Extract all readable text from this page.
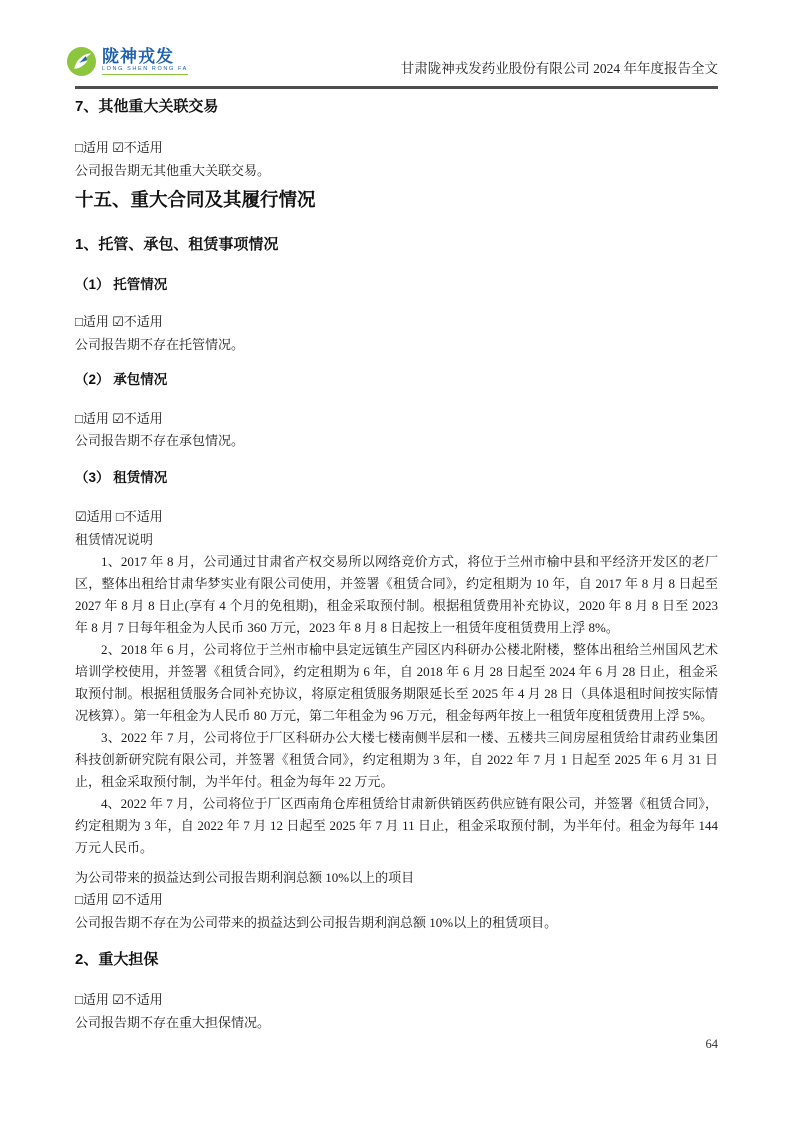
陇神戎发
LONG SHEN RONG FA	甘肃陇神戎发药业股份有限公司 2024 年年度报告全文
7、其他重大关联交易
□适用 ☑不适用
公司报告期无其他重大关联交易。
十五、重大合同及其履行情况
1、托管、承包、租赁事项情况
（1） 托管情况
□适用 ☑不适用
公司报告期不存在托管情况。
（2） 承包情况
□适用 ☑不适用
公司报告期不存在承包情况。
（3） 租赁情况
☑适用 □不适用
租赁情况说明
1、2017 年 8 月，公司通过甘肃省产权交易所以网络竞价方式，将位于兰州市榆中县和平经济开发区的老厂区，整体出租给甘肃华梦实业有限公司使用，并签署《租赁合同》，约定租期为 10 年，自 2017 年 8 月 8 日起至 2027 年 8 月 8 日止(享有 4 个月的免租期)，租金采取预付制。根据租赁费用补充协议，2020 年 8 月 8 日至 2023 年 8 月 7 日每年租金为人民币 360 万元，2023 年 8 月 8 日起按上一租赁年度租赁费用上浮 8%。
2、2018 年 6 月，公司将位于兰州市榆中县定远镇生产园区内科研办公楼北附楼，整体出租给兰州国风艺术培训学校使用，并签署《租赁合同》，约定租期为 6 年，自 2018 年 6 月 28 日起至 2024 年 6 月 28 日止，租金采取预付制。根据租赁服务合同补充协议，将原定租赁服务期限延长至 2025 年 4 月 28 日（具体退租时间按实际情况核算）。第一年租金为人民币 80 万元，第二年租金为 96 万元，租金每两年按上一租赁年度租赁费用上浮 5%。
3、2022 年 7 月，公司将位于厂区科研办公大楼七楼南侧半层和一楼、五楼共三间房屋租赁给甘肃药业集团科技创新研究院有限公司，并签署《租赁合同》，约定租期为 3 年，自 2022 年 7 月 1 日起至 2025 年 6 月 31 日止，租金采取预付制，为半年付。租金为每年 22 万元。
4、2022 年 7 月，公司将位于厂区西南角仓库租赁给甘肃新供销医药供应链有限公司，并签署《租赁合同》，约定租期为 3 年，自 2022 年 7 月 12 日起至 2025 年 7 月 11 日止，租金采取预付制，为半年付。租金为每年 144 万元人民币。
为公司带来的损益达到公司报告期利润总额 10%以上的项目
□适用 ☑不适用
公司报告期不存在为公司带来的损益达到公司报告期利润总额 10%以上的租赁项目。
2、重大担保
□适用 ☑不适用
公司报告期不存在重大担保情况。
64
